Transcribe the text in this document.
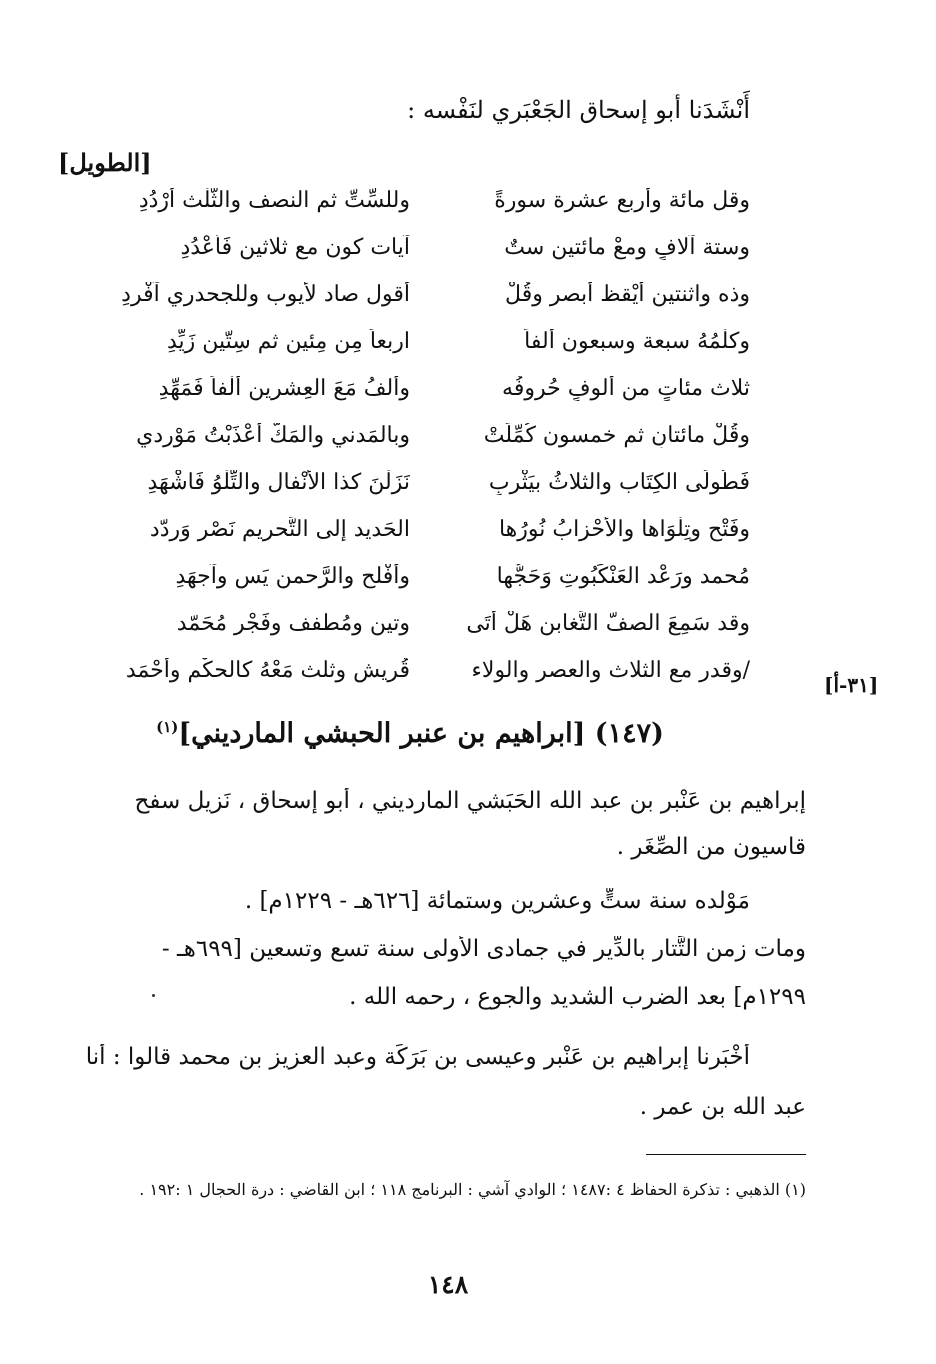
أَنْشَدَنا أبو إسحاق الجَعْبَري لنَفْسه :
[الطويل]
وقل مائة وأربع عشرة سورةً
وللسِّتِّ ثم النصف والثُّلْث أرْدُدِ
وستة آلافٍ ومعْ مائتين ستٌ
آيات كون مع ثلاثين فَأعْدُدِ
وذه واثنتين أيْقظ أبصر وقُلْ
أقول صاد لأيوب وللجحدري آفْرِدِ
وكلْمُهُ سبعة وسبعون ألفاً
اربعاً مِن مِئين ثم سِتّين زَيِّدِ
ثلاث مئاتٍ من أُلوفٍ حُروفُه
وألفُ مَعَ العِشرين ألْفاً فَمَهِّدِ
وقُلْ مائتانِ ثم خمسون كُمِّلَتْ
وبالمَدني والمَكّ أعْذَبْتُ مَوْرِدي
فَطُولَى الكِتَاب والثلاثُ بيَثْرِبٍ
نَزَلْنَ كذا الأنْفال والتِّلْوُ فَاشْهَدِ
وفَتْح وتِلْوَاها والأحْزابُ نُورُها
الحَديد إلى التَّحريم نَصْر وَرِدّد
مُحمد ورَعْد العَنْكَبُوتِ وَحَجُّها
وأفْلح والرَّحمن يَس وآجهَدِ
وقد سَمِعَ الصفّ التَّغابن هَلْ أتَى
وتين ومُطفف وفَجْر مُحَمّد
/وقدر مع الثلاث والعصر والولاء
قُريش وثلث مَعْهُ كالحكْم وأحْمَد
[٣١-أ]
(١٤٧) [ابراهيم بن عنبر الحبشي المارديني]$^{(١)}$
إبراهيم بن عَنْبر بن عبد الله الحَبَشي الماردينيِ ، أبو إسحاق ، نَزِيل سفح
قاسيون من الصِّغَر .
مَوْلده سنة ستٍّ وعشرين وستمائة [٦٢٦هـ - ١٢٢٩م] .
ومات زمن التَّتار بالدِّير في جمادى الأولى سنة تسع وتسعين [٦٩٩هـ -
١٢٩٩م] بعد الضرب الشديد والجوع ، رحمه الله .
أَخْبَرنا إبراهيم بن عَنْبر وعيسى بن بَرَكَة وعبد العزيز بن محمد قالوا : أنا
عبد الله بن عمر .
(١) الذهبي : تذكرة الحفاظ ٤ :١٤٨٧ ؛ الوادي آشي : البرنامج ١١٨ ؛ ابن القاضي : درة الحجال ١ :١٩٢ .
١٤٨
